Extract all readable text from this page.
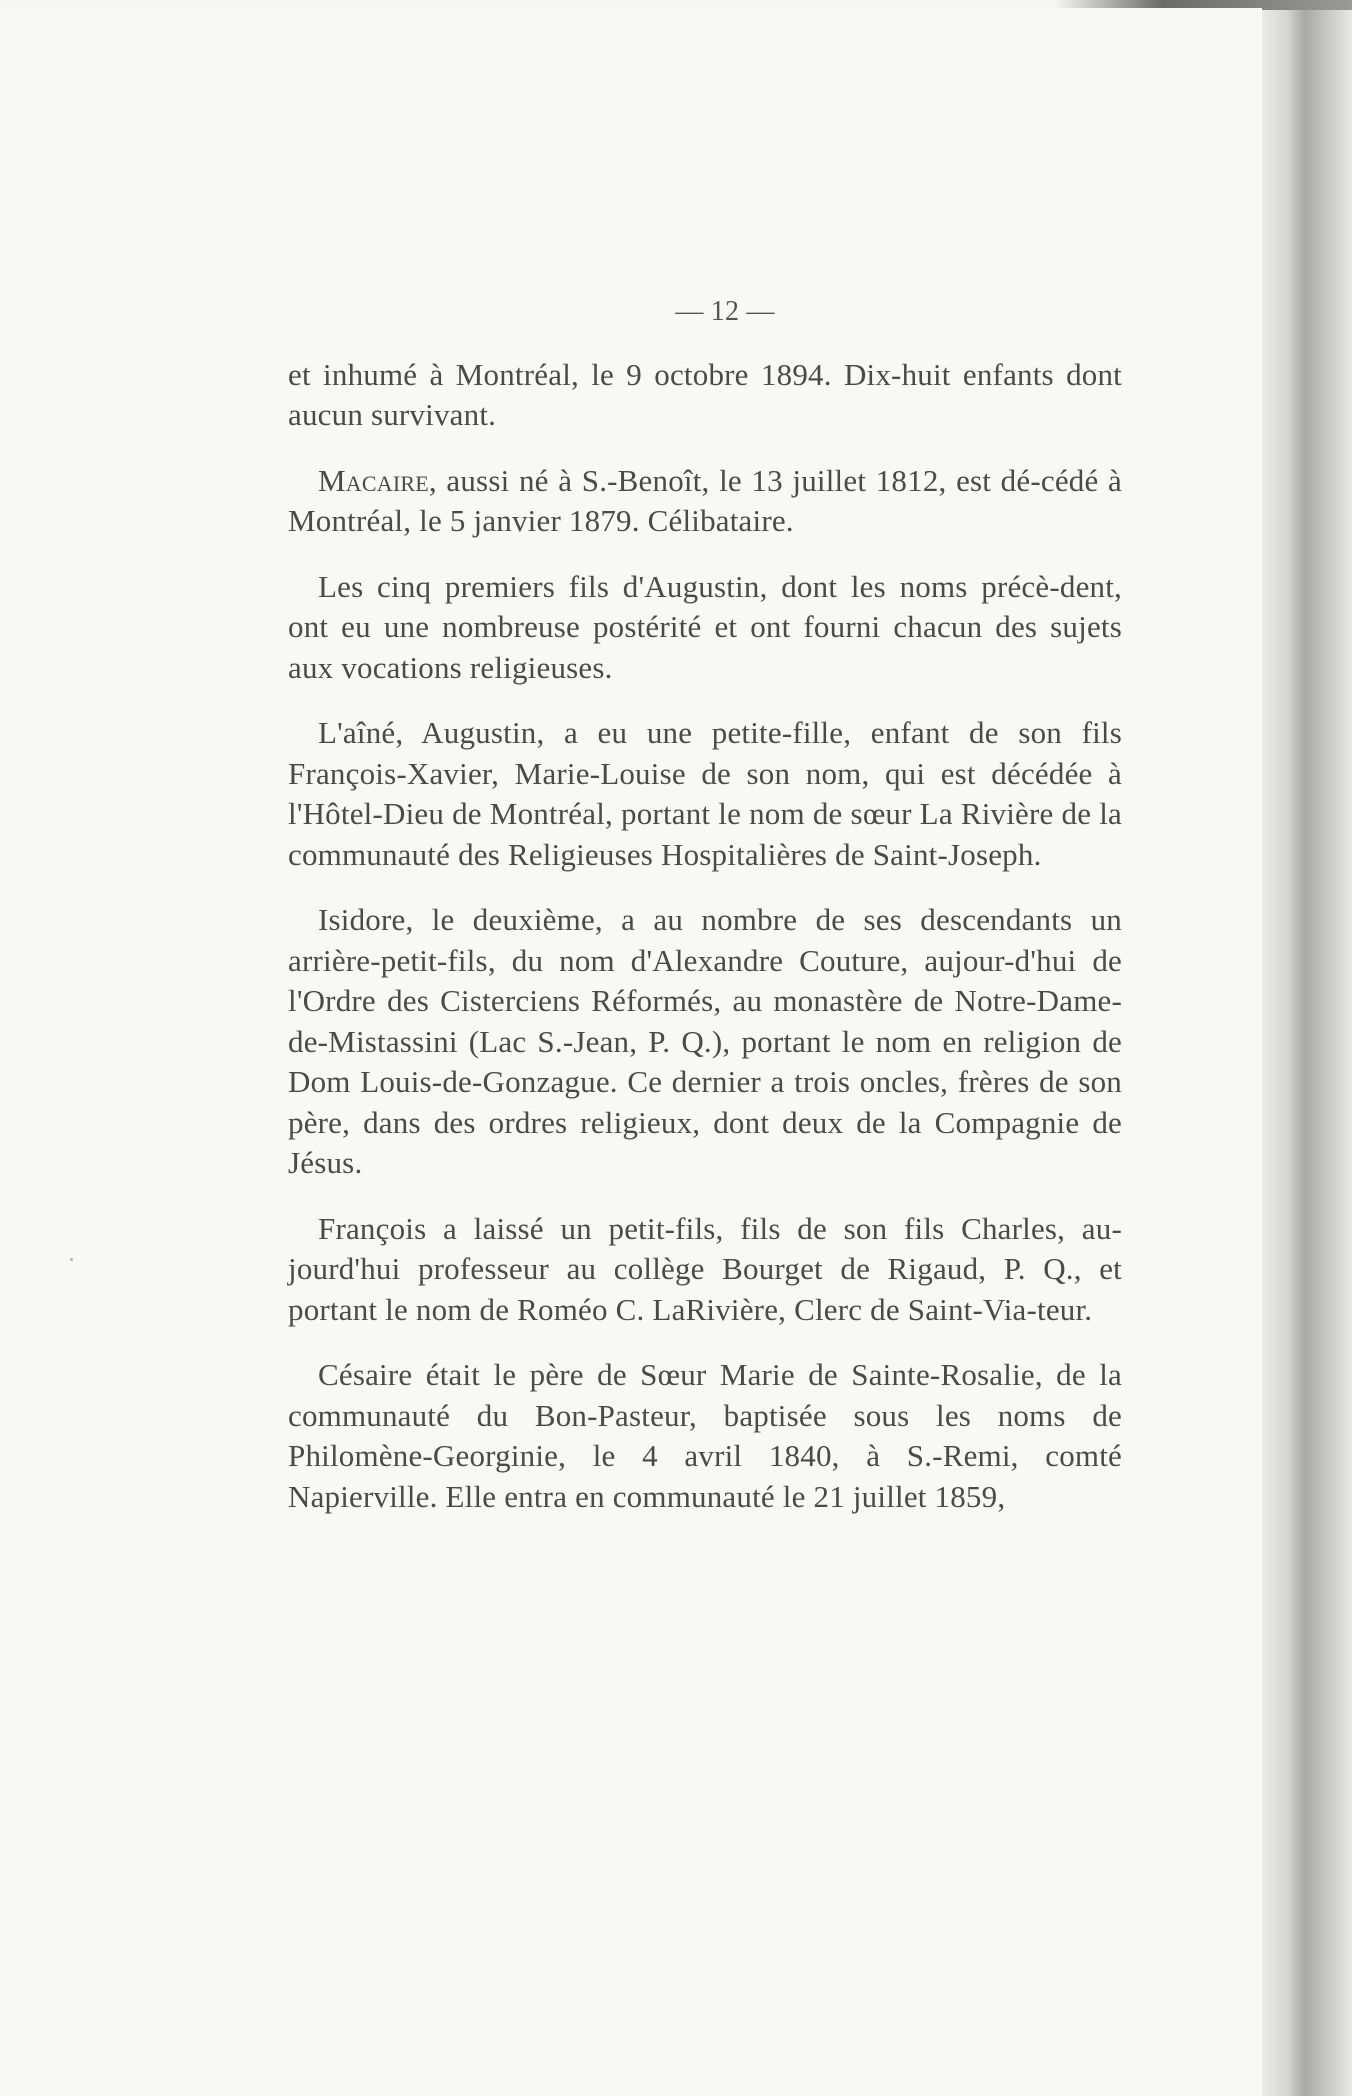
— 12 —

et inhumé à Montréal, le 9 octobre 1894. Dix-huit enfants dont aucun survivant.

Macaire, aussi né à S.-Benoît, le 13 juillet 1812, est dé-cédé à Montréal, le 5 janvier 1879. Célibataire.

Les cinq premiers fils d'Augustin, dont les noms précè-dent, ont eu une nombreuse postérité et ont fourni chacun des sujets aux vocations religieuses.

L'aîné, Augustin, a eu une petite-fille, enfant de son fils François-Xavier, Marie-Louise de son nom, qui est décédée à l'Hôtel-Dieu de Montréal, portant le nom de sœur La Rivière de la communauté des Religieuses Hospitalières de Saint-Joseph.

Isidore, le deuxième, a au nombre de ses descendants un arrière-petit-fils, du nom d'Alexandre Couture, aujour-d'hui de l'Ordre des Cisterciens Réformés, au monastère de Notre-Dame-de-Mistassini (Lac S.-Jean, P. Q.), portant le nom en religion de Dom Louis-de-Gonzague. Ce dernier a trois oncles, frères de son père, dans des ordres religieux, dont deux de la Compagnie de Jésus.

François a laissé un petit-fils, fils de son fils Charles, au-jourd'hui professeur au collège Bourget de Rigaud, P. Q., et portant le nom de Roméo C. LaRivière, Clerc de Saint-Via-teur.

Césaire était le père de Sœur Marie de Sainte-Rosalie, de la communauté du Bon-Pasteur, baptisée sous les noms de Philomène-Georginie, le 4 avril 1840, à S.-Remi, comté Napierville. Elle entra en communauté le 21 juillet 1859,
